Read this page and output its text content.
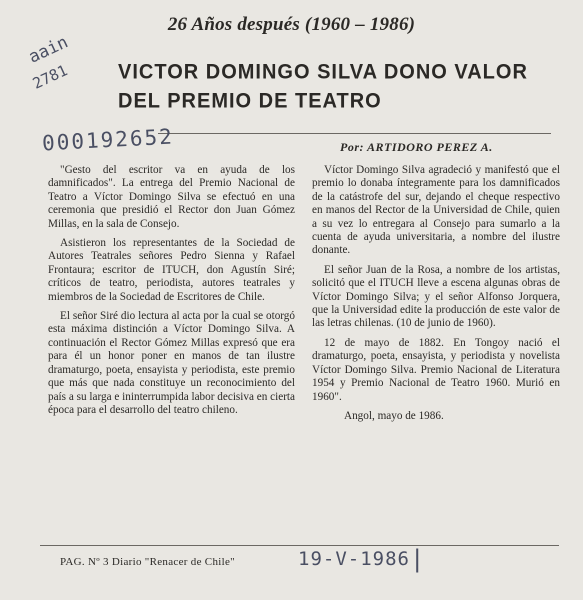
26 Años después (1960 – 1986)
aain
2781 VICTOR DOMINGO SILVA DONO VALOR
DEL PREMIO DE TEATRO
000192652	Por: ARTIDORO PEREZ A.

"Gesto del escritor va en ayuda de los damnificados". La entrega del Premio Nacional de Teatro a Víctor Domingo Silva se efectuó en una ceremonia que presidió el Rector don Juan Gómez Millas, en la sala de Consejo.

Asistieron los representantes de la Sociedad de Autores Teatrales señores Pedro Sienna y Rafael Frontaura; escritor de ITUCH, don Agustín Siré; críticos de teatro, periodista, autores teatrales y miembros de la Sociedad de Escritores de Chile.

El señor Siré dio lectura al acta por la cual se otorgó esta máxima distinción a Víctor Domingo Silva. A continuación el Rector Gómez Millas expresó que era para él un honor poner en manos de tan ilustre dramaturgo, poeta, ensayista y periodista, este premio que más que nada constituye un reconocimiento del país a su larga e ininterrumpida labor decisiva en cierta época para el desarrollo del teatro chileno.

Víctor Domingo Silva agradeció y manifestó que el premio lo donaba íntegramente para los damnificados de la catástrofe del sur, dejando el cheque respectivo en manos del Rector de la Universidad de Chile, quien a su vez lo entregara al Consejo para sumarlo a la cuenta de ayuda universitaria, a nombre del ilustre donante.

El señor Juan de la Rosa, a nombre de los artistas, solicitó que el ITUCH lleve a escena algunas obras de Víctor Domingo Silva; y el señor Alfonso Jorquera, que la Universidad edite la producción de este valor de las letras chilenas. (10 de junio de 1960).

12 de mayo de 1882. En Tongoy nació el dramaturgo, poeta, ensayista, y periodista y novelista Víctor Domingo Silva. Premio Nacional de Literatura 1954 y Premio Nacional de Teatro 1960. Murió en 1960".

Angol, mayo de 1986.

PAG. Nº 3 Diario "Renacer de Chile"	19-V-1986 |
